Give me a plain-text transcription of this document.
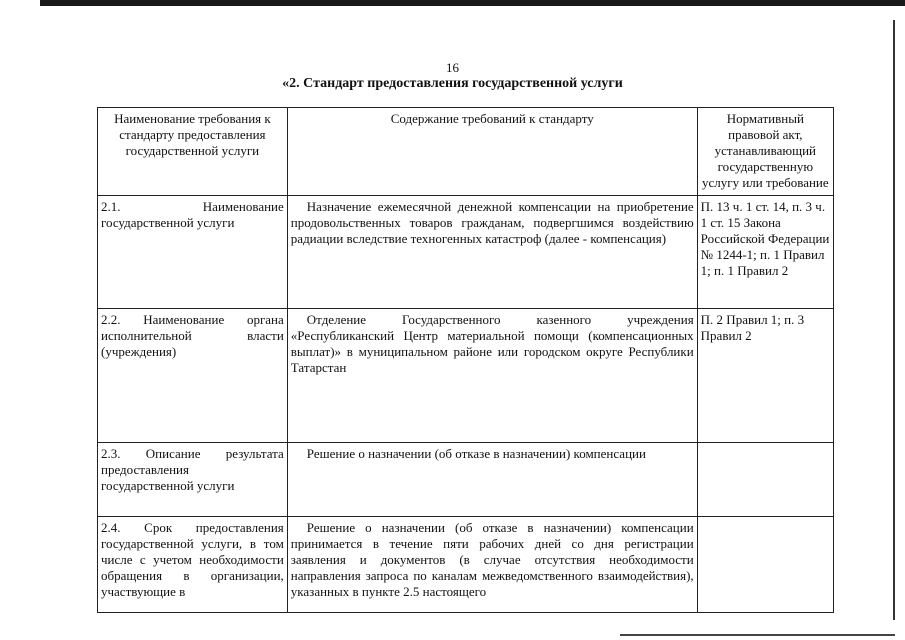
16
«2. Стандарт предоставления государственной услуги
Наименование требования к стандарту предоставления государственной услуги	Содержание требований к стандарту	Нормативный правовой акт, устанавливающий государственную услугу или требование
2.1. Наименование государственной услуги	Назначение ежемесячной денежной компенсации на приобретение продовольственных товаров гражданам, подвергшимся воздействию радиации вследствие техногенных катастроф (далее - компенсация)	П. 13 ч. 1 ст. 14, п. 3 ч. 1 ст. 15 Закона Российской Федерации № 1244-1; п. 1 Правил 1; п. 1 Правил 2
2.2. Наименование органа исполнительной власти (учреждения)	Отделение Государственного казенного учреждения «Республиканский Центр материальной помощи (компенсационных выплат)» в муниципальном районе или городском округе Республики Татарстан	П. 2 Правил 1; п. 3 Правил 2
2.3. Описание результата предоставления государственной услуги	Решение о назначении (об отказе в назначении) компенсации	
2.4. Срок предоставления государственной услуги, в том числе с учетом необходимости обращения в организации, участвующие в	Решение о назначении (об отказе в назначении) компенсации принимается в течение пяти рабочих дней со дня регистрации заявления и документов (в случае отсутствия необходимости направления запроса по каналам межведомственного взаимодействия), указанных в пункте 2.5 настоящего	
